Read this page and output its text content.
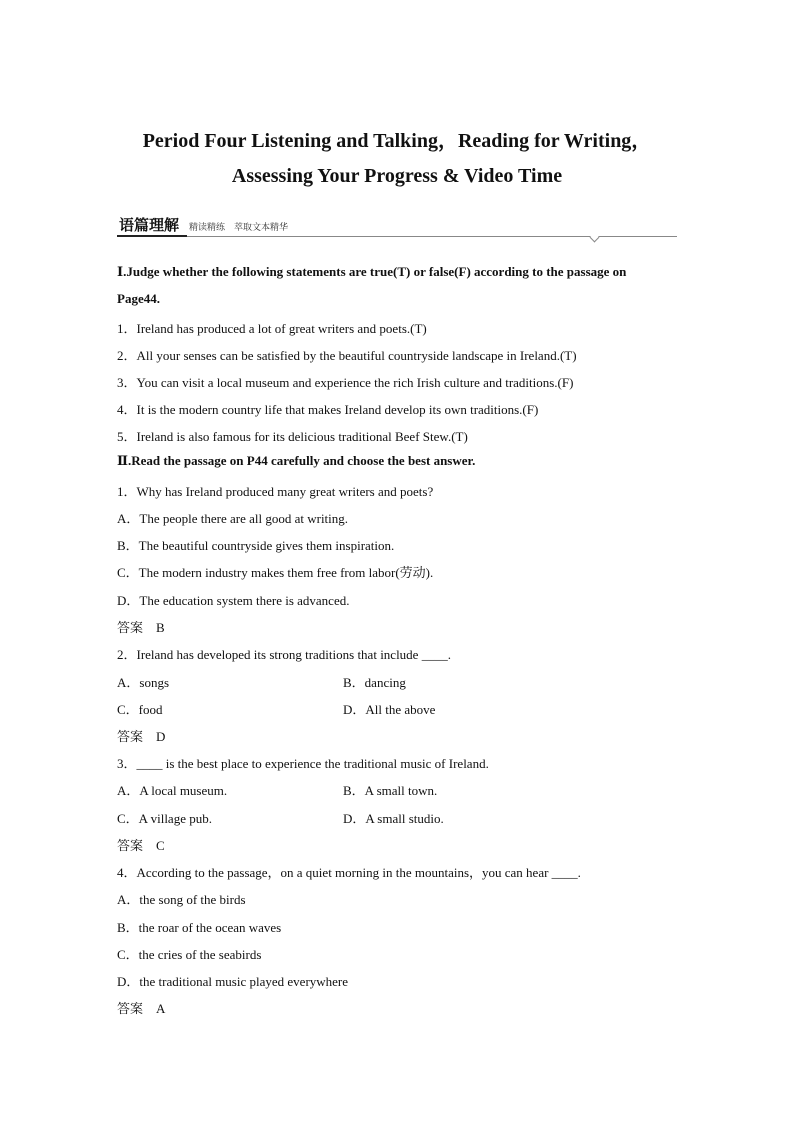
Period Four Listening and Talking，Reading for Writing，
Assessing Your Progress & Video Time
语篇理解 精读精练　萃取文本精华
Ⅰ.Judge whether the following statements are true(T) or false(F) according to the passage on
Page44.
1．Ireland has produced a lot of great writers and poets.(T)
2．All your senses can be satisfied by the beautiful countryside landscape in Ireland.(T)
3．You can visit a local museum and experience the rich Irish culture and traditions.(F)
4．It is the modern country life that makes Ireland develop its own traditions.(F)
5．Ireland is also famous for its delicious traditional Beef Stew.(T)
Ⅱ.Read the passage on P44 carefully and choose the best answer.
1．Why has Ireland produced many great writers and poets?
A．The people there are all good at writing.
B．The beautiful countryside gives them inspiration.
C．The modern industry makes them free from labor(劳动).
D．The education system there is advanced.
答案　B
2．Ireland has developed its strong traditions that include ____.
A．songs	B．dancing
C．food	D．All the above
答案　D
3．____ is the best place to experience the traditional music of Ireland.
A．A local museum.	B．A small town.
C．A village pub.	D．A small studio.
答案　C
4．According to the passage，on a quiet morning in the mountains，you can hear ____.
A．the song of the birds
B．the roar of the ocean waves
C．the cries of the seabirds
D．the traditional music played everywhere
答案　A
